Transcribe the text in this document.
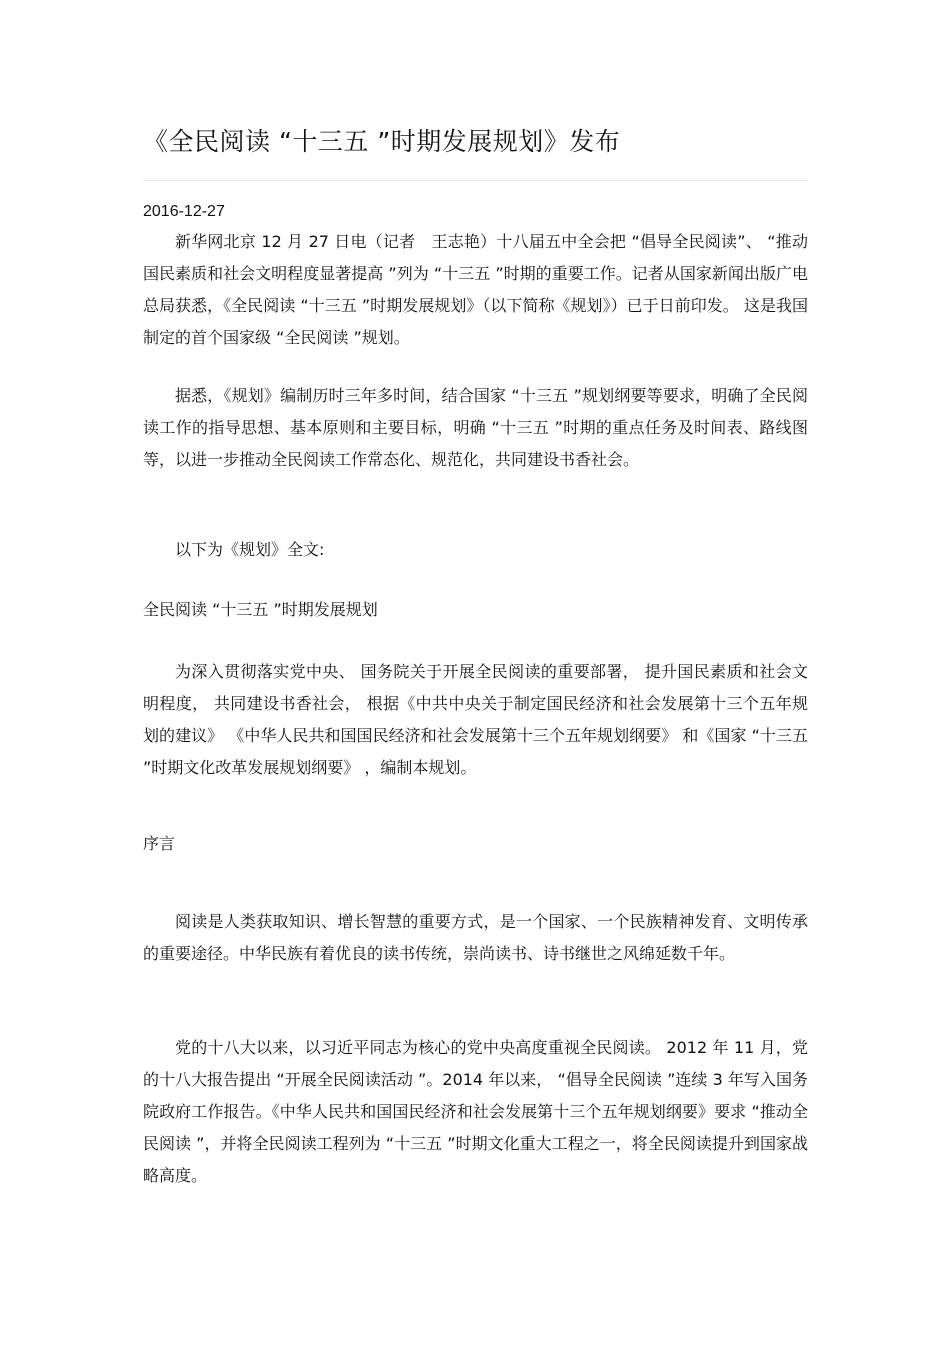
《全民阅读 “十三五 ”时期发展规划》发布
2016-12-27

新华网北京 12 月 27 日电（记者　王志艳）十八届五中全会把 “倡导全民阅读”、 “推动国民素质和社会文明程度显著提高 ”列为 “十三五 ”时期的重要工作。记者从国家新闻出版广电总局获悉，《全民阅读 “十三五 ”时期发展规划》（以下简称《规划》）已于日前印发。 这是我国制定的首个国家级 “全民阅读 ”规划。

据悉，《规划》编制历时三年多时间，结合国家 “十三五 ”规划纲要等要求，明确了全民阅读工作的指导思想、基本原则和主要目标，明确 “十三五 ”时期的重点任务及时间表、路线图等，以进一步推动全民阅读工作常态化、规范化，共同建设书香社会。

以下为《规划》全文:

全民阅读 “十三五 ”时期发展规划

为深入贯彻落实党中央、 国务院关于开展全民阅读的重要部署， 提升国民素质和社会文明程度， 共同建设书香社会， 根据《中共中央关于制定国民经济和社会发展第十三个五年规划的建议》 《中华人民共和国国民经济和社会发展第十三个五年规划纲要》 和《国家 “十三五 ”时期文化改革发展规划纲要》 ，编制本规划。

序言

阅读是人类获取知识、增长智慧的重要方式，是一个国家、一个民族精神发育、文明传承的重要途径。中华民族有着优良的读书传统，崇尚读书、诗书继世之风绵延数千年。

党的十八大以来，以习近平同志为核心的党中央高度重视全民阅读。 2012 年 11 月，党的十八大报告提出 “开展全民阅读活动 ”。2014 年以来， “倡导全民阅读 ”连续 3 年写入国务院政府工作报告。《中华人民共和国国民经济和社会发展第十三个五年规划纲要》要求 “推动全民阅读 ”，并将全民阅读工程列为 “十三五 ”时期文化重大工程之一，将全民阅读提升到国家战略高度。
